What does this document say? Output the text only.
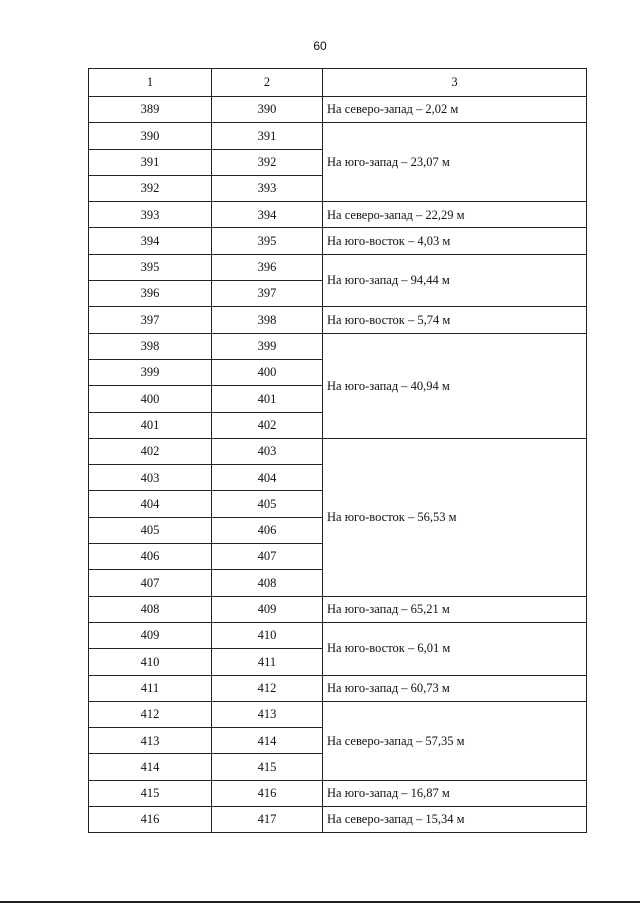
60
1	2	3
389	390	На северо-запад – 2,02 м
390	391	На юго-запад – 23,07 м
391	392	
392	393	
393	394	На северо-запад – 22,29 м
394	395	На юго-восток – 4,03 м
395	396	На юго-запад – 94,44 м
396	397	
397	398	На юго-восток – 5,74 м
398	399	На юго-запад – 40,94 м
399	400	
400	401	
401	402	
402	403	На юго-восток – 56,53 м
403	404	
404	405	
405	406	
406	407	
407	408	
408	409	На юго-запад – 65,21 м
409	410	На юго-восток – 6,01 м
410	411	
411	412	На юго-запад – 60,73 м
412	413	На северо-запад – 57,35 м
413	414	
414	415	
415	416	На юго-запад – 16,87 м
416	417	На северо-запад – 15,34 м
